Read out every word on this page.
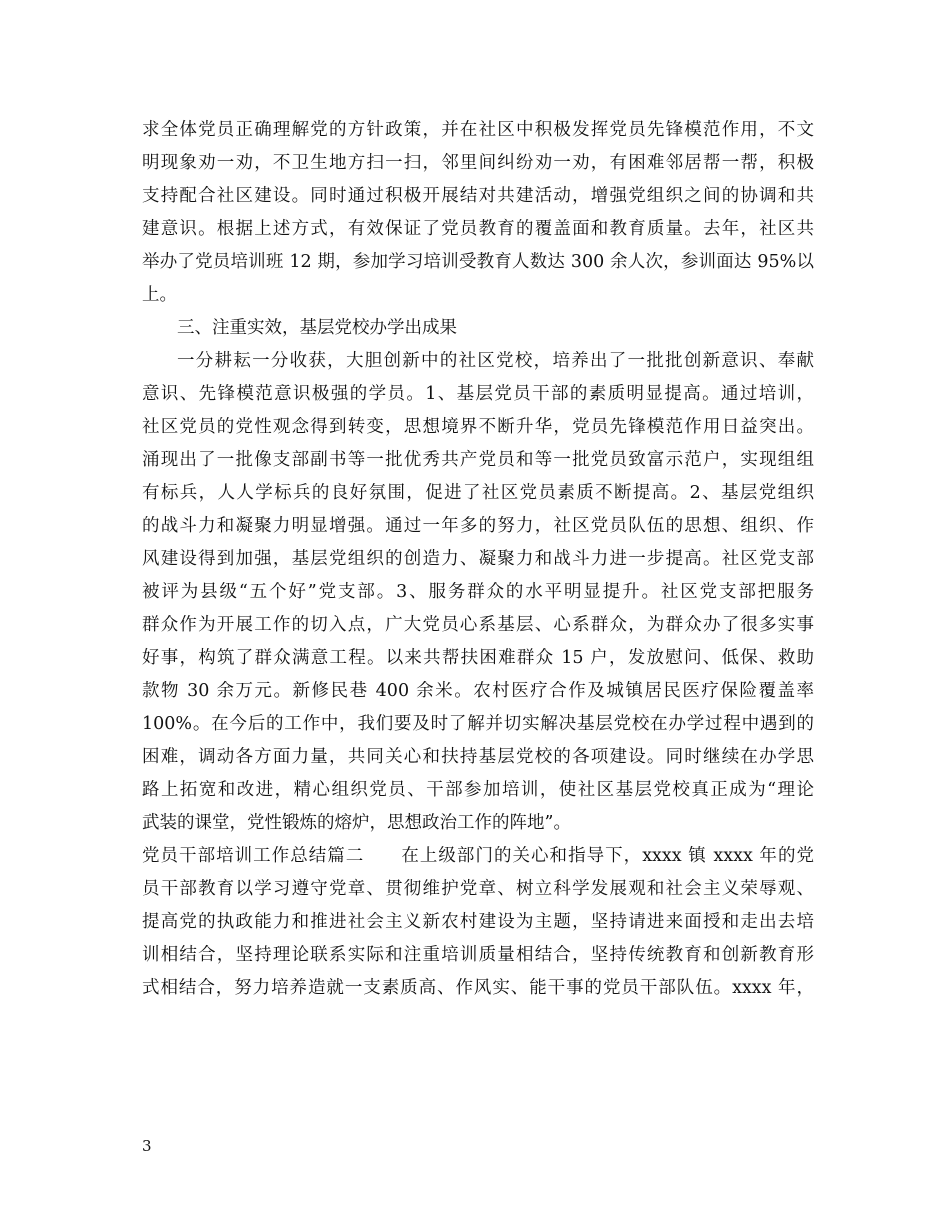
求全体党员正确理解党的方针政策，并在社区中积极发挥党员先锋模范作用，不文
明现象劝一劝，不卫生地方扫一扫，邻里间纠纷劝一劝，有困难邻居帮一帮，积极
支持配合社区建设。同时通过积极开展结对共建活动，增强党组织之间的协调和共
建意识。根据上述方式，有效保证了党员教育的覆盖面和教育质量。去年，社区共
举办了党员培训班 12 期，参加学习培训受教育人数达 300 余人次，参训面达 95%以
上。
三、注重实效，基层党校办学出成果
一分耕耘一分收获，大胆创新中的社区党校，培养出了一批批创新意识、奉献
意识、先锋模范意识极强的学员。1、基层党员干部的素质明显提高。通过培训，
社区党员的党性观念得到转变，思想境界不断升华，党员先锋模范作用日益突出。
涌现出了一批像支部副书等一批优秀共产党员和等一批党员致富示范户，实现组组
有标兵，人人学标兵的良好氛围，促进了社区党员素质不断提高。2、基层党组织
的战斗力和凝聚力明显增强。通过一年多的努力，社区党员队伍的思想、组织、作
风建设得到加强，基层党组织的创造力、凝聚力和战斗力进一步提高。社区党支部
被评为县级“五个好”党支部。3、服务群众的水平明显提升。社区党支部把服务
群众作为开展工作的切入点，广大党员心系基层、心系群众，为群众办了很多实事
好事，构筑了群众满意工程。以来共帮扶困难群众 15 户，发放慰问、低保、救助
款物 30 余万元。新修民巷 400 余米。农村医疗合作及城镇居民医疗保险覆盖率
100%。在今后的工作中，我们要及时了解并切实解决基层党校在办学过程中遇到的
困难，调动各方面力量，共同关心和扶持基层党校的各项建设。同时继续在办学思
路上拓宽和改进，精心组织党员、干部参加培训，使社区基层党校真正成为“理论
武装的课堂，党性锻炼的熔炉，思想政治工作的阵地”。
党员干部培训工作总结篇二　　在上级部门的关心和指导下，xxxx 镇 xxxx 年的党
员干部教育以学习遵守党章、贯彻维护党章、树立科学发展观和社会主义荣辱观、
提高党的执政能力和推进社会主义新农村建设为主题，坚持请进来面授和走出去培
训相结合，坚持理论联系实际和注重培训质量相结合，坚持传统教育和创新教育形
式相结合，努力培养造就一支素质高、作风实、能干事的党员干部队伍。xxxx 年，
3
